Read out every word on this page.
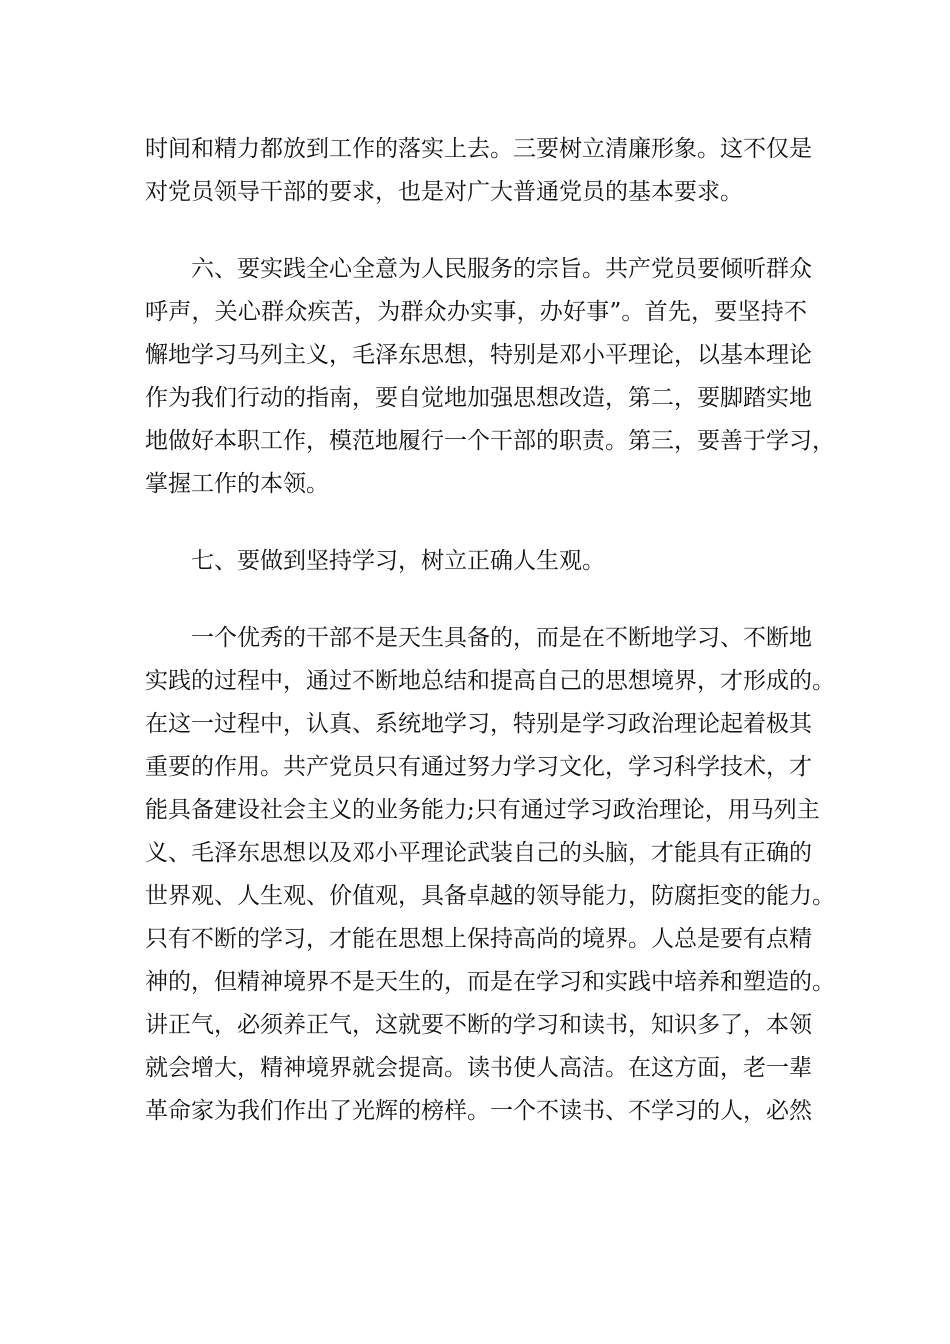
时间和精力都放到工作的落实上去。三要树立清廉形象。这不仅是
对党员领导干部的要求，也是对广大普通党员的基本要求。
　　六、要实践全心全意为人民服务的宗旨。共产党员要倾听群众
呼声，关心群众疾苦，为群众办实事，办好事”。首先，要坚持不
懈地学习马列主义，毛泽东思想，特别是邓小平理论，以基本理论
作为我们行动的指南，要自觉地加强思想改造，第二，要脚踏实地
地做好本职工作，模范地履行一个干部的职责。第三，要善于学习，
掌握工作的本领。
　　七、要做到坚持学习，树立正确人生观。
　　一个优秀的干部不是天生具备的，而是在不断地学习、不断地
实践的过程中，通过不断地总结和提高自己的思想境界，才形成的。
在这一过程中，认真、系统地学习，特别是学习政治理论起着极其
重要的作用。共产党员只有通过努力学习文化，学习科学技术，才
能具备建设社会主义的业务能力;只有通过学习政治理论，用马列主
义、毛泽东思想以及邓小平理论武装自己的头脑，才能具有正确的
世界观、人生观、价值观，具备卓越的领导能力，防腐拒变的能力。
只有不断的学习，才能在思想上保持高尚的境界。人总是要有点精
神的，但精神境界不是天生的，而是在学习和实践中培养和塑造的。
讲正气，必须养正气，这就要不断的学习和读书，知识多了，本领
就会增大，精神境界就会提高。读书使人高洁。在这方面，老一辈
革命家为我们作出了光辉的榜样。一个不读书、不学习的人，必然
